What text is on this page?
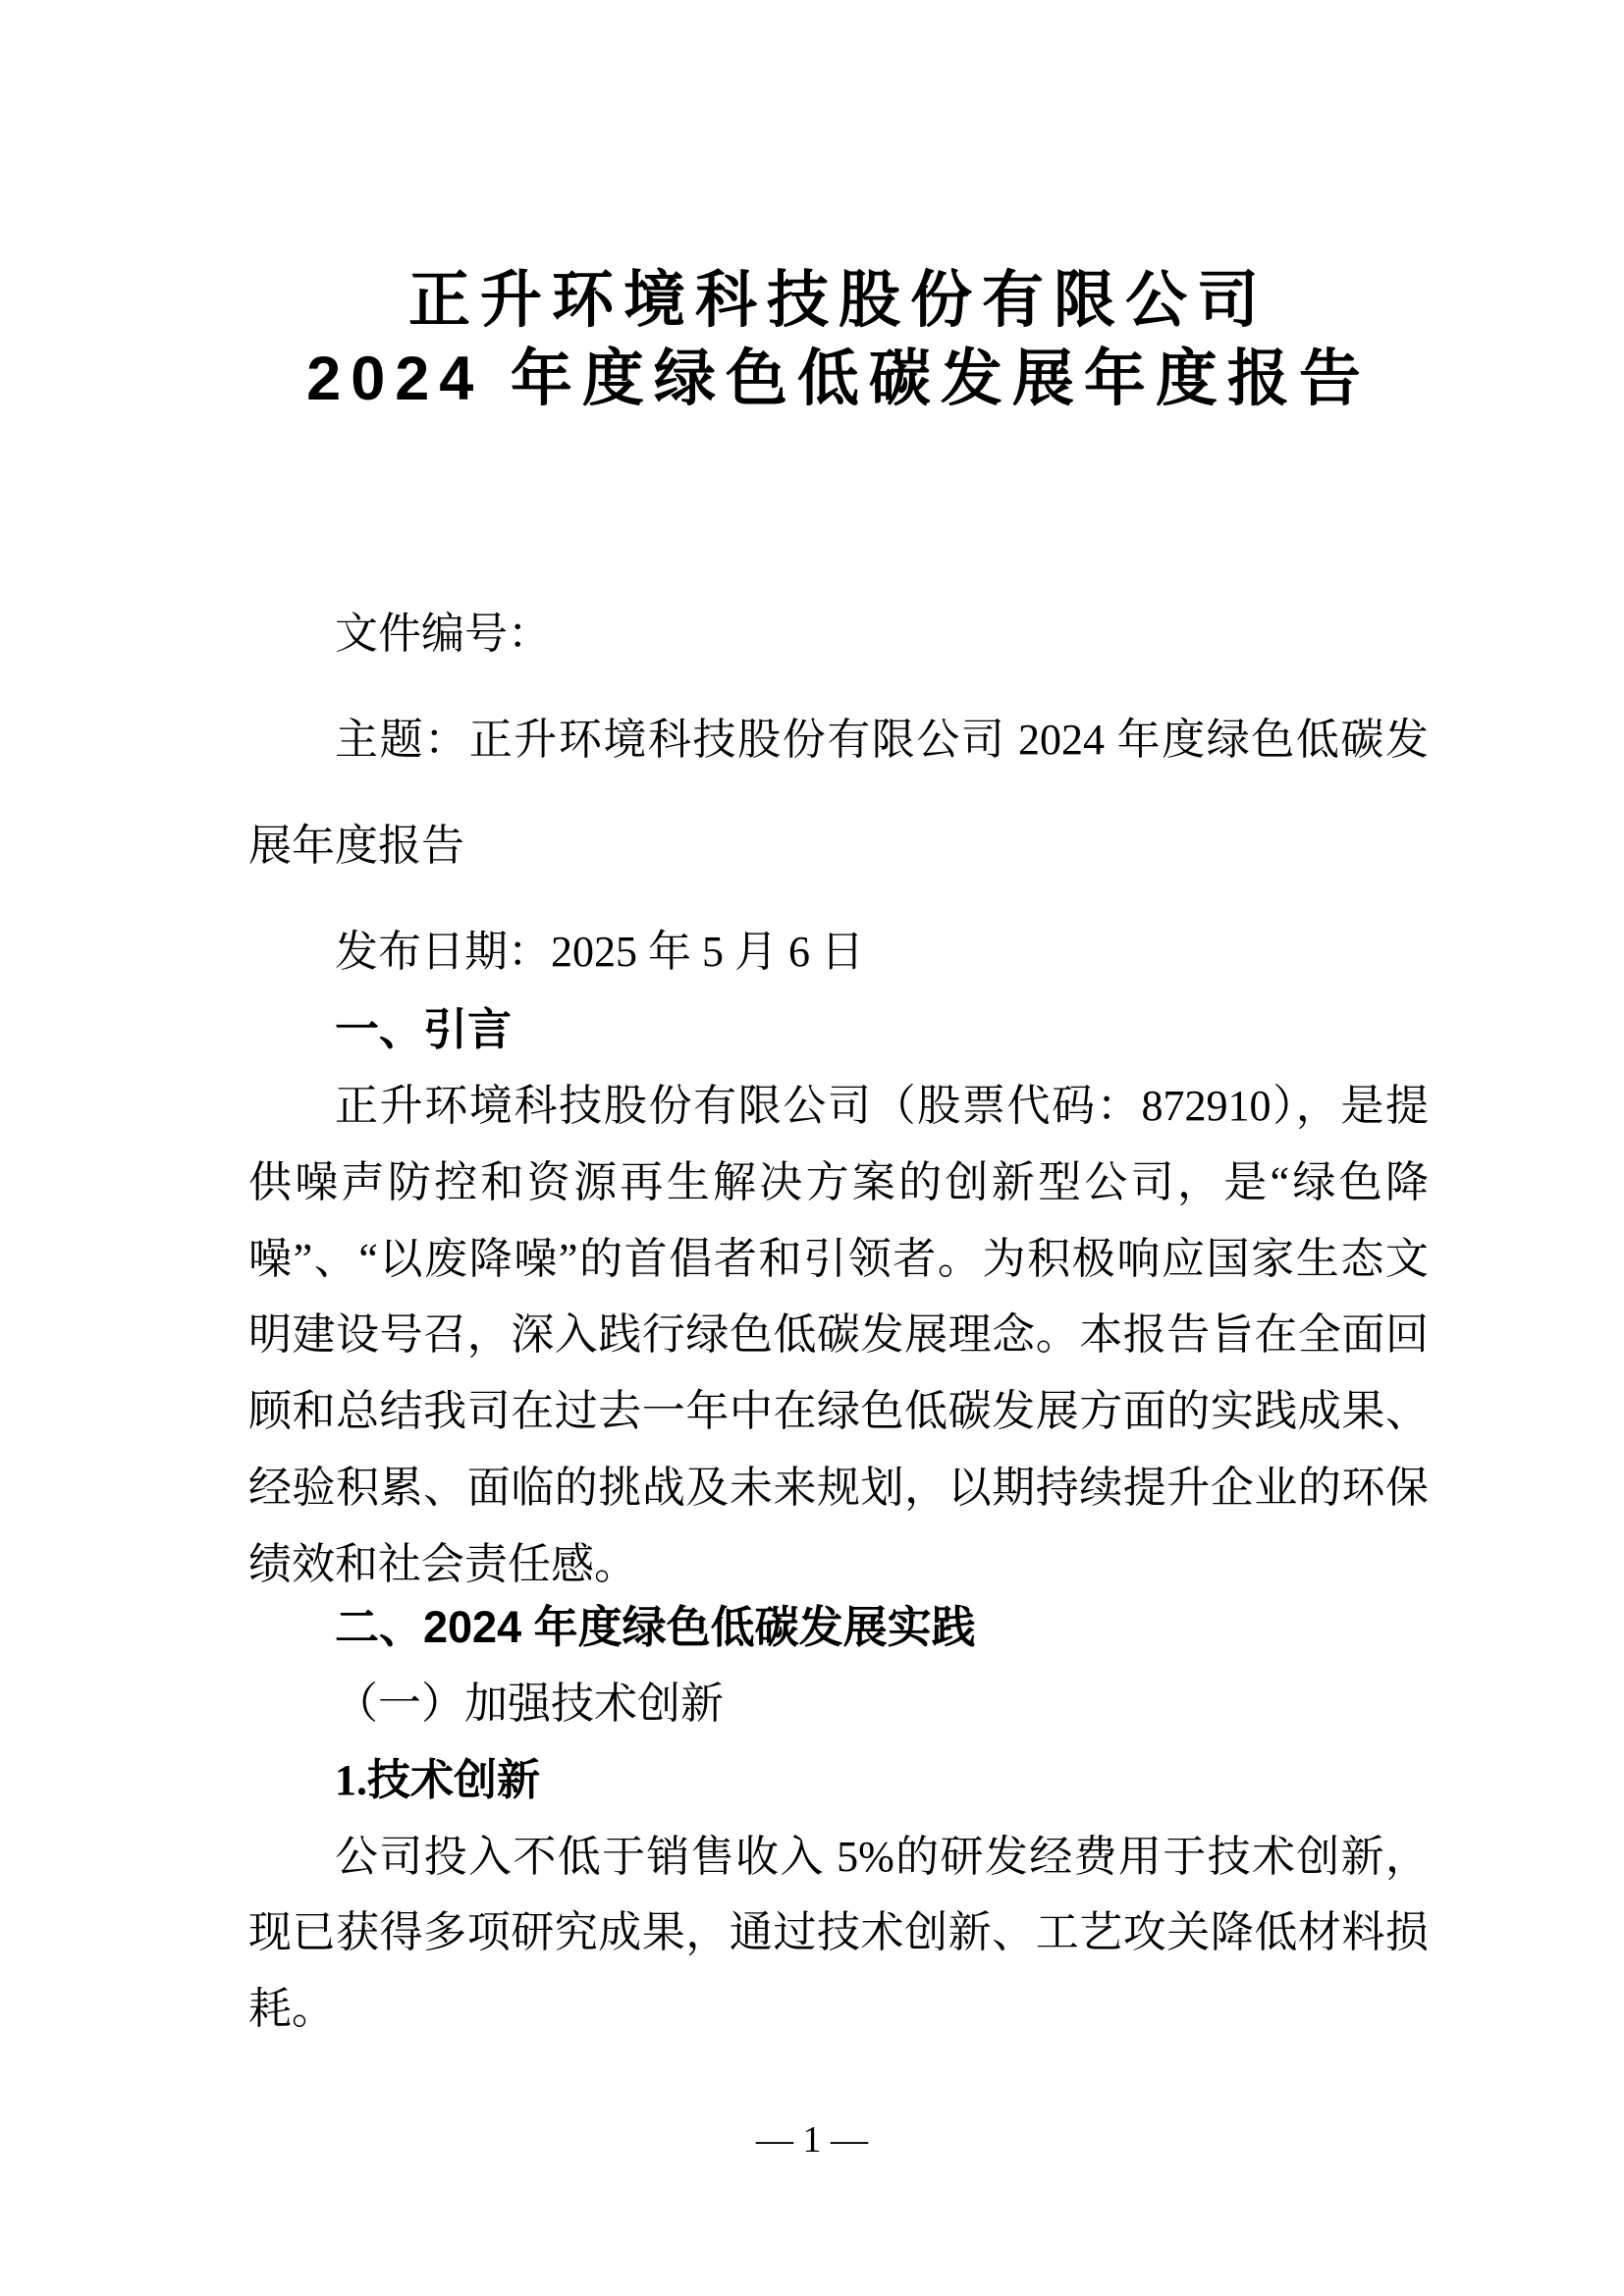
正升环境科技股份有限公司
2024 年度绿色低碳发展年度报告
文件编号：
主题：正升环境科技股份有限公司 2024 年度绿色低碳发展年度报告
发布日期：2025 年 5 月 6 日
一、引言
正升环境科技股份有限公司（股票代码：872910），是提供噪声防控和资源再生解决方案的创新型公司，是“绿色降噪”、“以废降噪”的首倡者和引领者。为积极响应国家生态文明建设号召，深入践行绿色低碳发展理念。本报告旨在全面回顾和总结我司在过去一年中在绿色低碳发展方面的实践成果、经验积累、面临的挑战及未来规划，以期持续提升企业的环保绩效和社会责任感。
二、2024 年度绿色低碳发展实践
（一）加强技术创新
1.技术创新
公司投入不低于销售收入 5%的研发经费用于技术创新，现已获得多项研究成果，通过技术创新、工艺攻关降低材料损耗。
— 1 —
